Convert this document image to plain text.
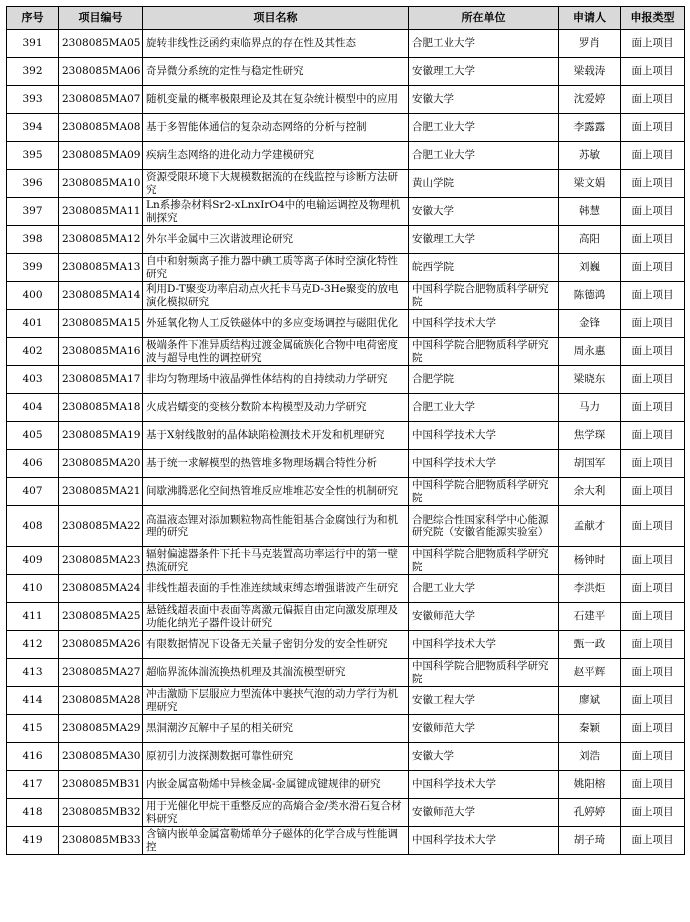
序号	项目编号	项目名称	所在单位	申请人	申报类型
391	2308085MA05	旋转非线性泛函约束临界点的存在性及其性态	合肥工业大学	罗肖	面上项目
392	2308085MA06	奇异微分系统的定性与稳定性研究	安徽理工大学	梁载涛	面上项目
393	2308085MA07	随机变量的概率极限理论及其在复杂统计模型中的应用	安徽大学	沈爱婷	面上项目
394	2308085MA08	基于多智能体通信的复杂动态网络的分析与控制	合肥工业大学	李露露	面上项目
395	2308085MA09	疾病生态网络的进化动力学建模研究	合肥工业大学	苏敏	面上项目
396	2308085MA10	资源受限环境下大规模数据流的在线监控与诊断方法研究	黄山学院	梁文娟	面上项目
397	2308085MA11	Ln系掺杂材料Sr2-xLnxIrO4中的电输运调控及物理机制探究	安徽大学	韩慧	面上项目
398	2308085MA12	外尔半金属中三次谐波理论研究	安徽理工大学	高阳	面上项目
399	2308085MA13	自中和射频离子推力器中碘工质等离子体时空演化特性研究	皖西学院	刘巍	面上项目
400	2308085MA14	利用D-T聚变功率启动点火托卡马克D-3He聚变的放电演化模拟研究	中国科学院合肥物质科学研究院	陈德鸿	面上项目
401	2308085MA15	外延氧化物人工反铁磁体中的多应变场调控与磁阻优化	中国科学技术大学	金锋	面上项目
402	2308085MA16	极端条件下准异质结构过渡金属硫族化合物中电荷密度波与超导电性的调控研究	中国科学院合肥物质科学研究院	周永惠	面上项目
403	2308085MA17	非均匀物理场中液晶弹性体结构的自持续动力学研究	合肥学院	梁晓东	面上项目
404	2308085MA18	火成岩蠕变的变核分数阶本构模型及动力学研究	合肥工业大学	马力	面上项目
405	2308085MA19	基于X射线散射的晶体缺陷检测技术开发和机理研究	中国科学技术大学	焦学琛	面上项目
406	2308085MA20	基于统一求解模型的热管堆多物理场耦合特性分析	中国科学技术大学	胡国军	面上项目
407	2308085MA21	间歇沸腾恶化空间热管堆反应堆堆芯安全性的机制研究	中国科学院合肥物质科学研究院	余大利	面上项目
408	2308085MA22	高温液态锂对添加颗粒物高性能钼基合金腐蚀行为和机理的研究	合肥综合性国家科学中心能源研究院（安徽省能源实验室）	孟献才	面上项目
409	2308085MA23	辐射偏滤器条件下托卡马克装置高功率运行中的第一壁热流研究	中国科学院合肥物质科学研究院	杨钟时	面上项目
410	2308085MA24	非线性超表面的手性准连续域束缚态增强谐波产生研究	合肥工业大学	李洪炬	面上项目
411	2308085MA25	悬链线超表面中表面等离激元偏振自由定向激发原理及功能化纳光子器件设计研究	安徽师范大学	石建平	面上项目
412	2308085MA26	有限数据情况下设备无关量子密钥分发的安全性研究	中国科学技术大学	甄一政	面上项目
413	2308085MA27	超临界流体湍流换热机理及其湍流模型研究	中国科学院合肥物质科学研究院	赵平辉	面上项目
414	2308085MA28	冲击激励下层服应力型流体中裹挟气泡的动力学行为机理研究	安徽工程大学	廖斌	面上项目
415	2308085MA29	黑洞潮汐瓦解中子星的相关研究	安徽师范大学	秦颖	面上项目
416	2308085MA30	原初引力波探测数据可靠性研究	安徽大学	刘浩	面上项目
417	2308085MB31	内嵌金属富勒烯中异核金属-金属键成键规律的研究	中国科学技术大学	姚阳榕	面上项目
418	2308085MB32	用于光催化甲烷干重整反应的高熵合金/类水滑石复合材料研究	安徽师范大学	孔婷婷	面上项目
419	2308085MB33	含镝内嵌单金属富勒烯单分子磁体的化学合成与性能调控	中国科学技术大学	胡子琦	面上项目
